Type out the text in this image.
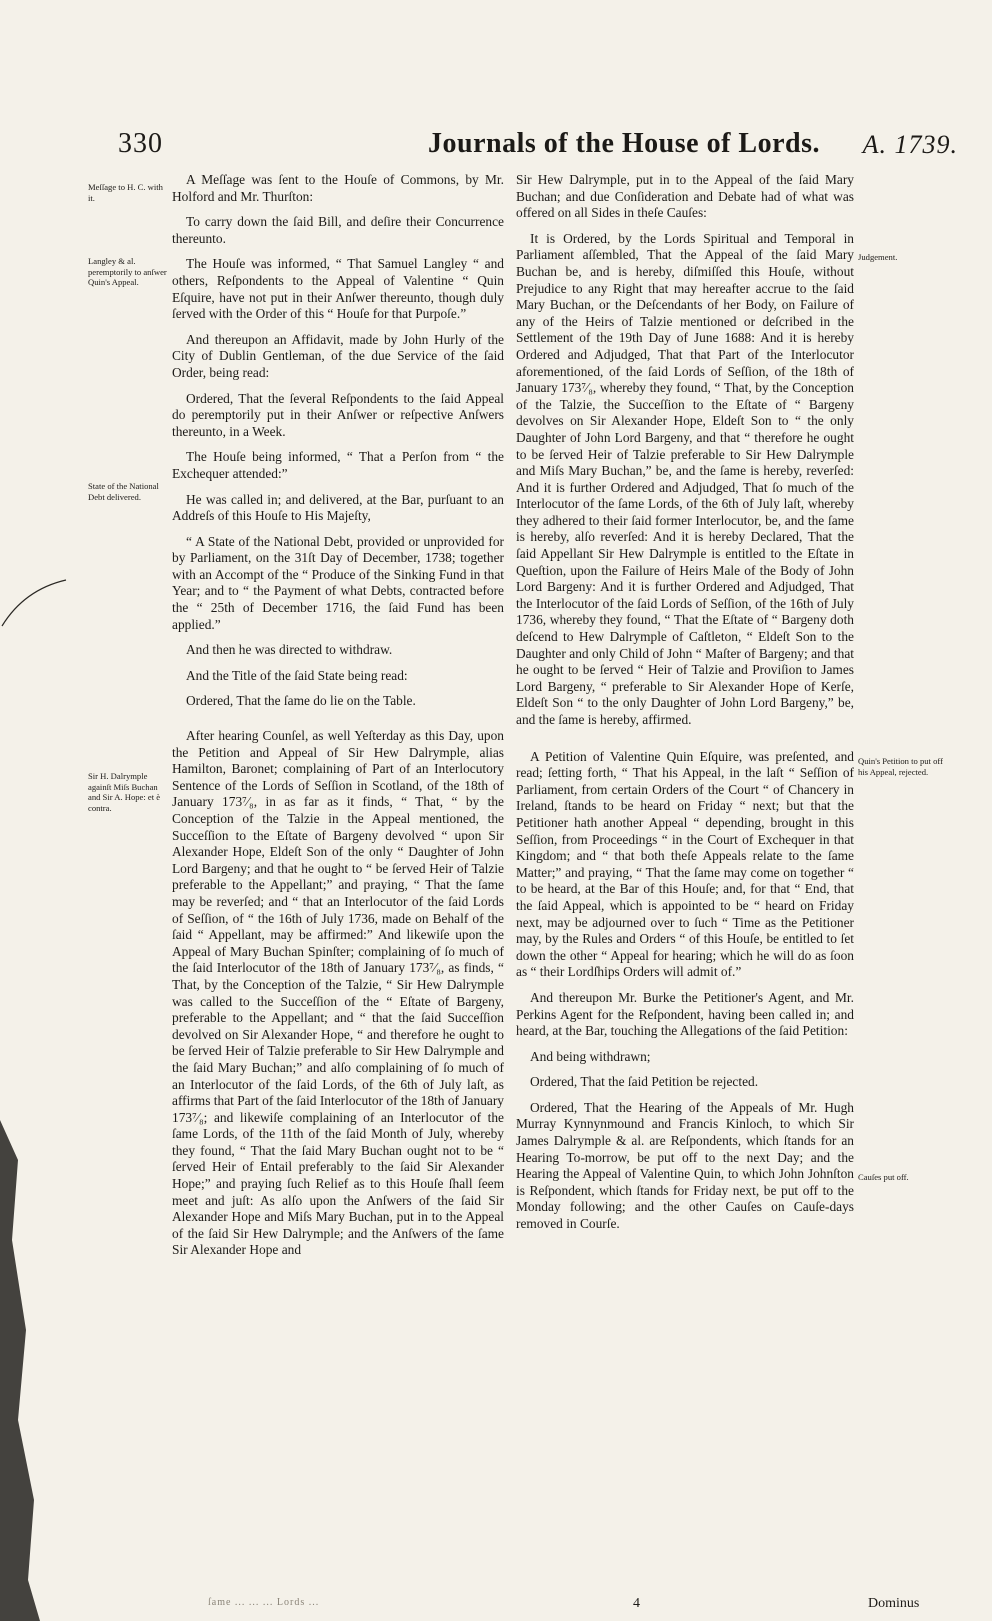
330	Journals of the House of Lords. A. 1739.
Meſſage to H. C. with it.
Langley & al. peremptorily to anſwer Quin's Appeal.
State of the National Debt delivered.
Sir H. Dalrymple againſt Miſs Buchan and Sir A. Hope: et è contra.
Judgement.
Quin's Petition to put off his Appeal, rejected.
Cauſes put off.

A Meſſage was ſent to the Houſe of Commons, by Mr. Holford and Mr. Thurſton:

To carry down the ſaid Bill, and deſire their Concurrence thereunto.

The Houſe was informed, “ That Samuel Langley “ and others, Reſpondents to the Appeal of Valentine “ Quin Eſquire, have not put in their Anſwer thereunto, though duly ſerved with the Order of this “ Houſe for that Purpoſe.”

And thereupon an Affidavit, made by John Hurly of the City of Dublin Gentleman, of the due Service of the ſaid Order, being read:

Ordered, That the ſeveral Reſpondents to the ſaid Appeal do peremptorily put in their Anſwer or reſpective Anſwers thereunto, in a Week.

The Houſe being informed, “ That a Perſon from “ the Exchequer attended:”

He was called in; and delivered, at the Bar, purſuant to an Addreſs of this Houſe to His Majeſty,

“ A State of the National Debt, provided or unprovided for by Parliament, on the 31ſt Day of December, 1738; together with an Accompt of the “ Produce of the Sinking Fund in that Year; and to “ the Payment of what Debts, contracted before the “ 25th of December 1716, the ſaid Fund has been applied.”

And then he was directed to withdraw.

And the Title of the ſaid State being read:

Ordered, That the ſame do lie on the Table.

After hearing Counſel, as well Yeſterday as this Day, upon the Petition and Appeal of Sir Hew Dalrymple, alias Hamilton, Baronet; complaining of Part of an Interlocutory Sentence of the Lords of Seſſion in Scotland, of the 18th of January 173⁷⁄₈, in as far as it finds, “ That, “ by the Conception of the Talzie in the Appeal mentioned, the Succeſſion to the Eſtate of Bargeny devolved “ upon Sir Alexander Hope, Eldeſt Son of the only “ Daughter of John Lord Bargeny; and that he ought to “ be ſerved Heir of Talzie preferable to the Appellant;” and praying, “ That the ſame may be reverſed; and “ that an Interlocutor of the ſaid Lords of Seſſion, of “ the 16th of July 1736, made on Behalf of the ſaid “ Appellant, may be affirmed:” And likewiſe upon the Appeal of Mary Buchan Spinſter; complaining of ſo much of the ſaid Interlocutor of the 18th of January 173⁷⁄₈, as finds, “ That, by the Conception of the Talzie, “ Sir Hew Dalrymple was called to the Succeſſion of the “ Eſtate of Bargeny, preferable to the Appellant; and “ that the ſaid Succeſſion devolved on Sir Alexander Hope, “ and therefore he ought to be ſerved Heir of Talzie preferable to Sir Hew Dalrymple and the ſaid Mary Buchan;” and alſo complaining of ſo much of an Interlocutor of the ſaid Lords, of the 6th of July laſt, as affirms that Part of the ſaid Interlocutor of the 18th of January 173⁷⁄₈; and likewiſe complaining of an Interlocutor of the ſame Lords, of the 11th of the ſaid Month of July, whereby they found, “ That the ſaid Mary Buchan ought not to be “ ſerved Heir of Entail preferably to the ſaid Sir Alexander Hope;” and praying ſuch Relief as to this Houſe ſhall ſeem meet and juſt: As alſo upon the Anſwers of the ſaid Sir Alexander Hope and Miſs Mary Buchan, put in to the Appeal of the ſaid Sir Hew Dalrymple; and the Anſwers of the ſame Sir Alexander Hope and

Sir Hew Dalrymple, put in to the Appeal of the ſaid Mary Buchan; and due Conſideration and Debate had of what was offered on all Sides in theſe Cauſes:

It is Ordered, by the Lords Spiritual and Temporal in Parliament aſſembled, That the Appeal of the ſaid Mary Buchan be, and is hereby, diſmiſſed this Houſe, without Prejudice to any Right that may hereafter accrue to the ſaid Mary Buchan, or the Deſcendants of her Body, on Failure of any of the Heirs of Talzie mentioned or deſcribed in the Settlement of the 19th Day of June 1688: And it is hereby Ordered and Adjudged, That that Part of the Interlocutor aforementioned, of the ſaid Lords of Seſſion, of the 18th of January 173⁷⁄₈, whereby they found, “ That, by the Conception of the Talzie, the Succeſſion to the Eſtate of “ Bargeny devolves on Sir Alexander Hope, Eldeſt Son to “ the only Daughter of John Lord Bargeny, and that “ therefore he ought to be ſerved Heir of Talzie preferable to Sir Hew Dalrymple and Miſs Mary Buchan,” be, and the ſame is hereby, reverſed: And it is further Ordered and Adjudged, That ſo much of the Interlocutor of the ſame Lords, of the 6th of July laſt, whereby they adhered to their ſaid former Interlocutor, be, and the ſame is hereby, alſo reverſed: And it is hereby Declared, That the ſaid Appellant Sir Hew Dalrymple is entitled to the Eſtate in Queſtion, upon the Failure of Heirs Male of the Body of John Lord Bargeny: And it is further Ordered and Adjudged, That the Interlocutor of the ſaid Lords of Seſſion, of the 16th of July 1736, whereby they found, “ That the Eſtate of “ Bargeny doth deſcend to Hew Dalrymple of Caſtleton, “ Eldeſt Son to the Daughter and only Child of John “ Maſter of Bargeny; and that he ought to be ſerved “ Heir of Talzie and Proviſion to James Lord Bargeny, “ preferable to Sir Alexander Hope of Kerſe, Eldeſt Son “ to the only Daughter of John Lord Bargeny,” be, and the ſame is hereby, affirmed.

A Petition of Valentine Quin Eſquire, was preſented, and read; ſetting forth, “ That his Appeal, in the laſt “ Seſſion of Parliament, from certain Orders of the Court “ of Chancery in Ireland, ſtands to be heard on Friday “ next; but that the Petitioner hath another Appeal “ depending, brought in this Seſſion, from Proceedings “ in the Court of Exchequer in that Kingdom; and “ that both theſe Appeals relate to the ſame Matter;” and praying, “ That the ſame may come on together “ to be heard, at the Bar of this Houſe; and, for that “ End, that the ſaid Appeal, which is appointed to be “ heard on Friday next, may be adjourned over to ſuch “ Time as the Petitioner may, by the Rules and Orders “ of this Houſe, be entitled to ſet down the other “ Appeal for hearing; which he will do as ſoon as “ their Lordſhips Orders will admit of.”

And thereupon Mr. Burke the Petitioner's Agent, and Mr. Perkins Agent for the Reſpondent, having been called in; and heard, at the Bar, touching the Allegations of the ſaid Petition:

And being withdrawn;

Ordered, That the ſaid Petition be rejected.

Ordered, That the Hearing of the Appeals of Mr. Hugh Murray Kynnynmound and Francis Kinloch, to which Sir James Dalrymple & al. are Reſpondents, which ſtands for an Hearing To-morrow, be put off to the next Day; and the Hearing the Appeal of Valentine Quin, to which John Johnſton is Reſpondent, which ſtands for Friday next, be put off to the Monday following; and the other Cauſes on Cauſe-days removed in Courſe.

ſame ... ... ... Lords ...	4	Dominus
